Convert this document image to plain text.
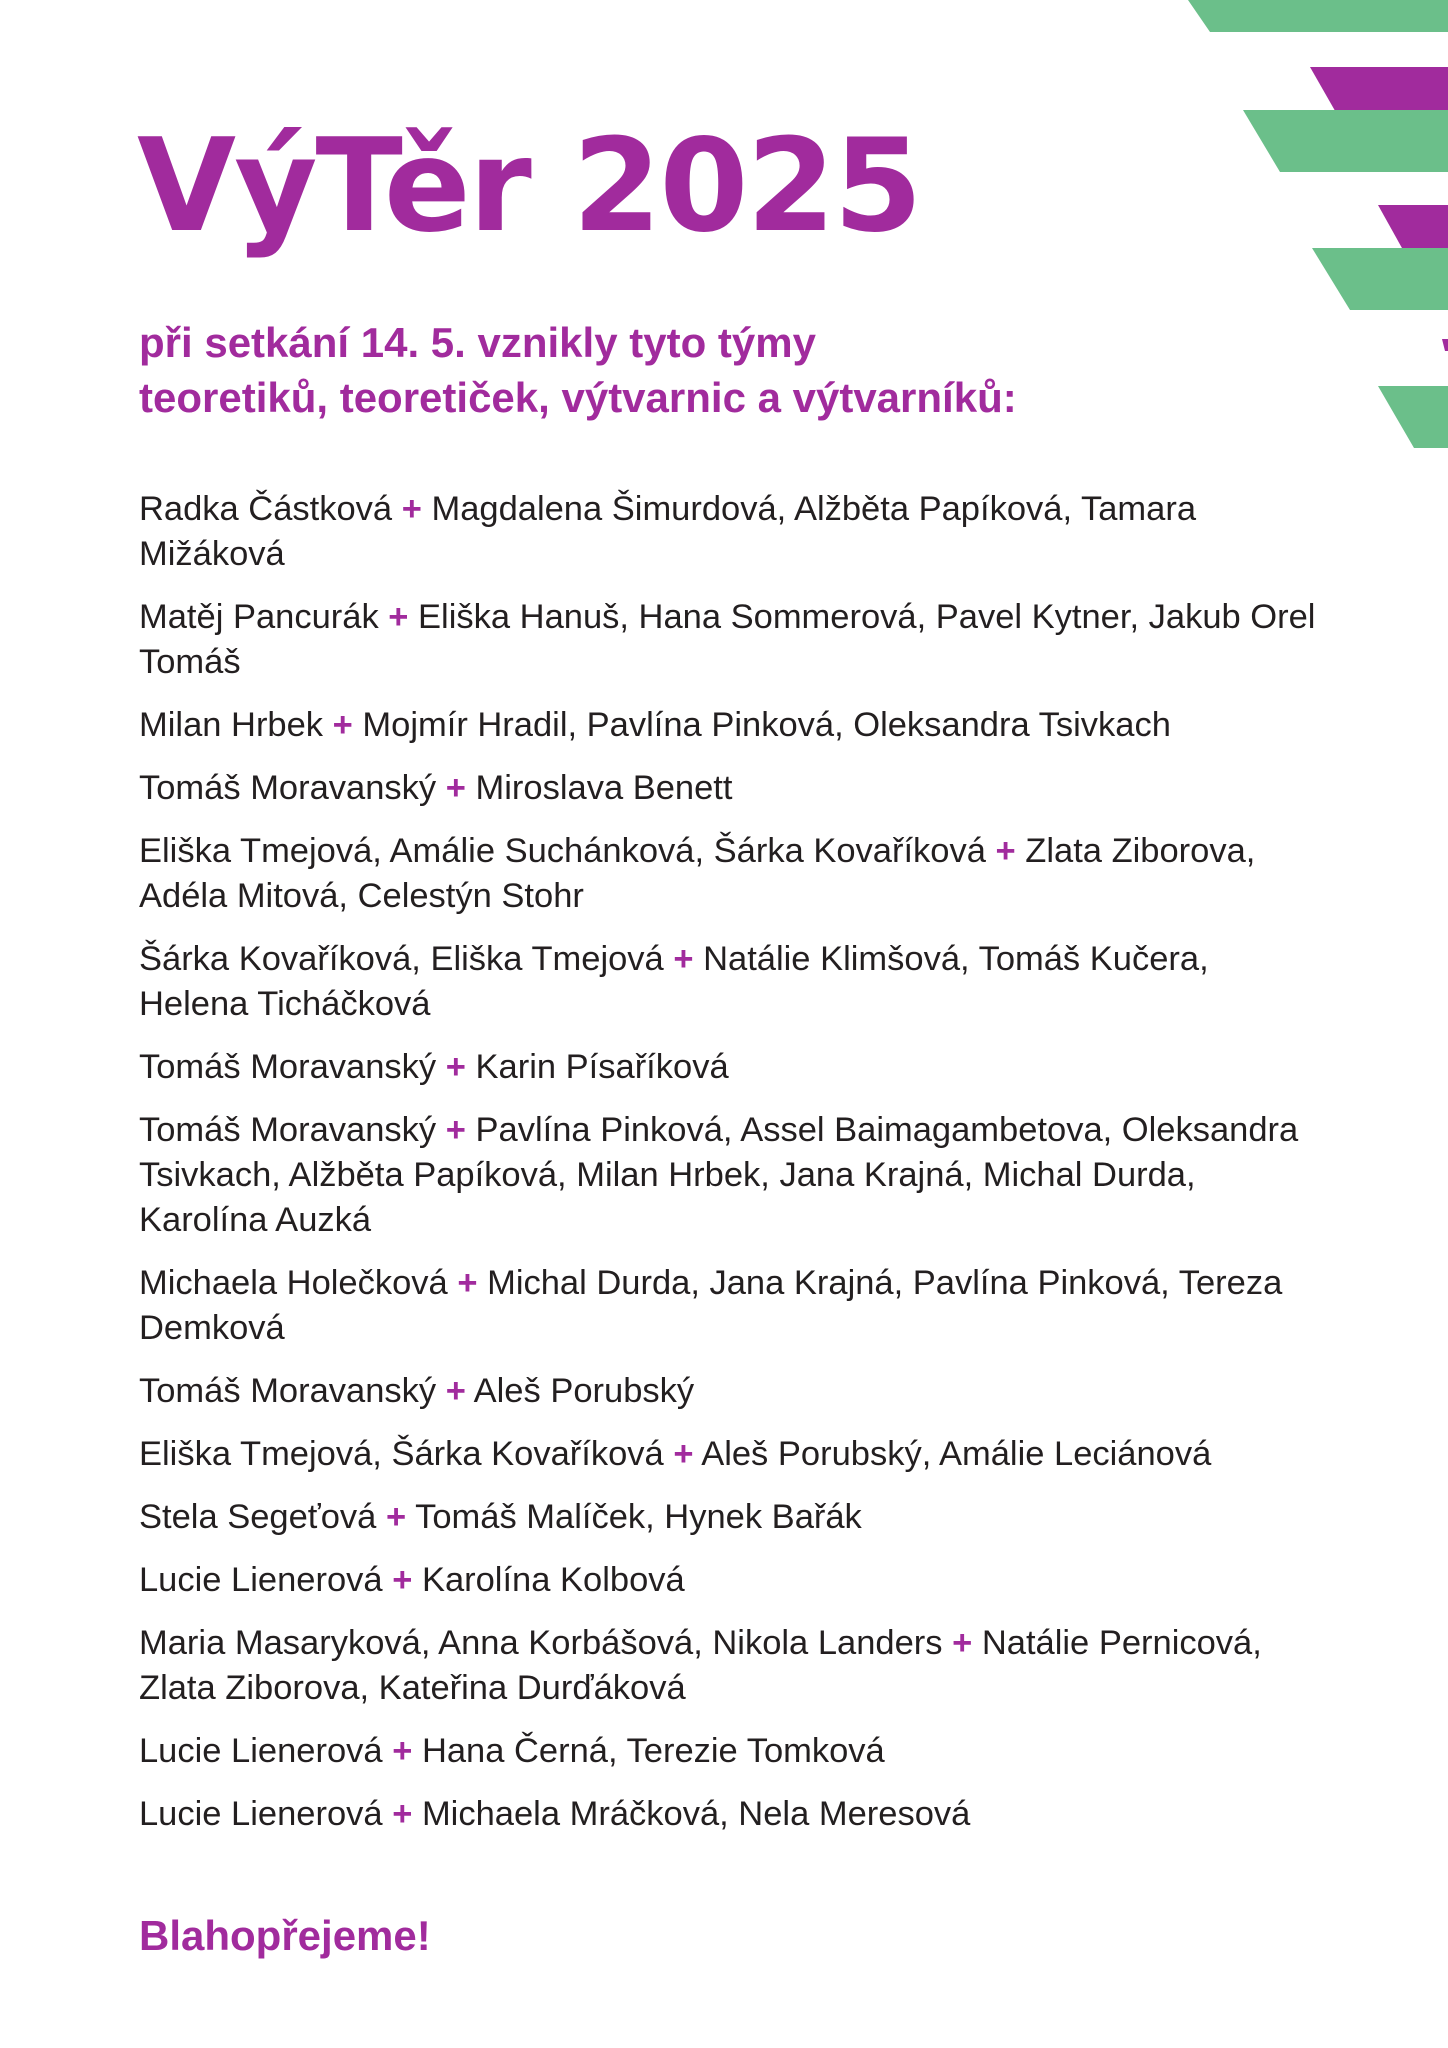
VýTěr 2025
při setkání 14. 5. vznikly tyto týmy
teoretiků, teoretiček, výtvarnic a výtvarníků:
Radka Částková + Magdalena Šimurdová, Alžběta Papíková, Tamara Mižáková
Matěj Pancurák + Eliška Hanuš, Hana Sommerová, Pavel Kytner, Jakub Orel Tomáš
Milan Hrbek + Mojmír Hradil, Pavlína Pinková, Oleksandra Tsivkach
Tomáš Moravanský + Miroslava Benett
Eliška Tmejová, Amálie Suchánková, Šárka Kovaříková + Zlata Ziborova, Adéla Mitová, Celestýn Stohr
Šárka Kovaříková, Eliška Tmejová + Natálie Klimšová, Tomáš Kučera, Helena Ticháčková
Tomáš Moravanský + Karin Písaříková
Tomáš Moravanský + Pavlína Pinková, Assel Baimagambetova, Oleksandra Tsivkach, Alžběta Papíková, Milan Hrbek, Jana Krajná, Michal Durda, Karolína Auzká
Michaela Holečková + Michal Durda, Jana Krajná, Pavlína Pinková, Tereza Demková
Tomáš Moravanský + Aleš Porubský
Eliška Tmejová, Šárka Kovaříková + Aleš Porubský, Amálie Leciánová
Stela Segeťová + Tomáš Malíček, Hynek Bařák
Lucie Lienerová + Karolína Kolbová
Maria Masaryková, Anna Korbášová, Nikola Landers + Natálie Pernicová, Zlata Ziborova, Kateřina Durďáková
Lucie Lienerová + Hana Černá, Terezie Tomková
Lucie Lienerová + Michaela Mráčková, Nela Meresová

Blahopřejeme!
